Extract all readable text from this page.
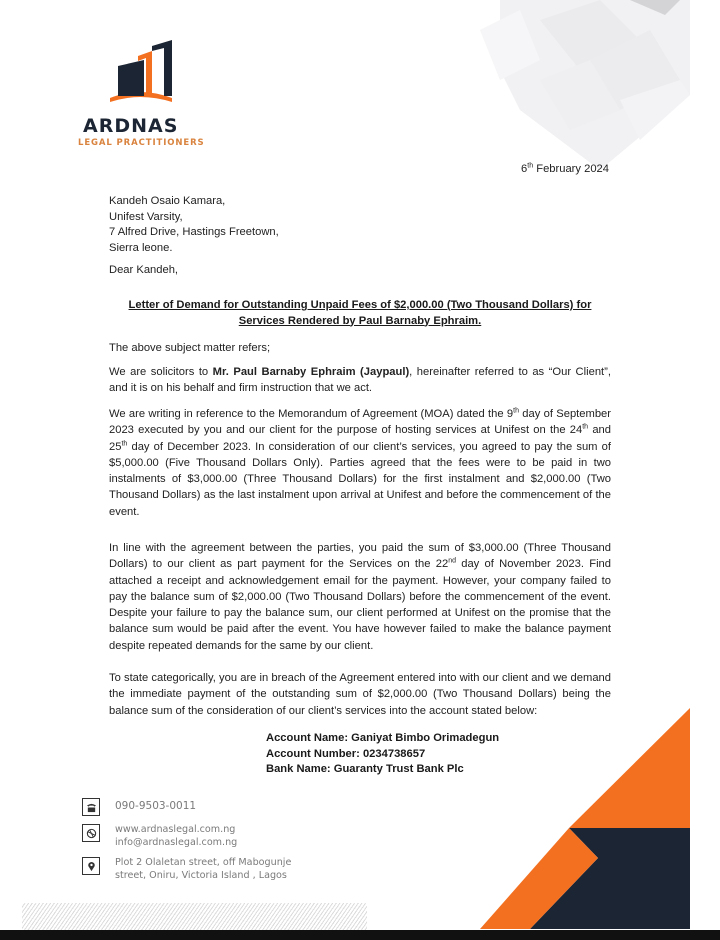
ARDNAS
LEGAL PRACTITIONERS
6th February 2024
Kandeh Osaio Kamara,
Unifest Varsity,
7 Alfred Drive, Hastings Freetown,
Sierra leone.
Dear Kandeh,
Letter of Demand for Outstanding Unpaid Fees of $2,000.00 (Two Thousand Dollars) for
Services Rendered by Paul Barnaby Ephraim.
The above subject matter refers;
We are solicitors to Mr. Paul Barnaby Ephraim (Jaypaul), hereinafter referred to as “Our Client”, and it is on his behalf and firm instruction that we act.
We are writing in reference to the Memorandum of Agreement (MOA) dated the 9th day of September 2023 executed by you and our client for the purpose of hosting services at Unifest on the 24th and 25th day of December 2023. In consideration of our client’s services, you agreed to pay the sum of $5,000.00 (Five Thousand Dollars Only). Parties agreed that the fees were to be paid in two instalments of $3,000.00 (Three Thousand Dollars) for the first instalment and $2,000.00 (Two Thousand Dollars) as the last instalment upon arrival at Unifest and before the commencement of the event.
In line with the agreement between the parties, you paid the sum of $3,000.00 (Three Thousand Dollars) to our client as part payment for the Services on the 22nd day of November 2023. Find attached a receipt and acknowledgement email for the payment. However, your company failed to pay the balance sum of $2,000.00 (Two Thousand Dollars) before the commencement of the event. Despite your failure to pay the balance sum, our client performed at Unifest on the promise that the balance sum would be paid after the event. You have however failed to make the balance payment despite repeated demands for the same by our client.
To state categorically, you are in breach of the Agreement entered into with our client and we demand the immediate payment of the outstanding sum of $2,000.00 (Two Thousand Dollars) being the balance sum of the consideration of our client’s services into the account stated below:
Account Name: Ganiyat Bimbo Orimadegun
Account Number: 0234738657
Bank Name: Guaranty Trust Bank Plc
090-9503-0011
www.ardnaslegal.com.ng
info@ardnaslegal.com.ng
Plot 2 Olaletan street, off Mabogunje
street, Oniru, Victoria Island , Lagos
